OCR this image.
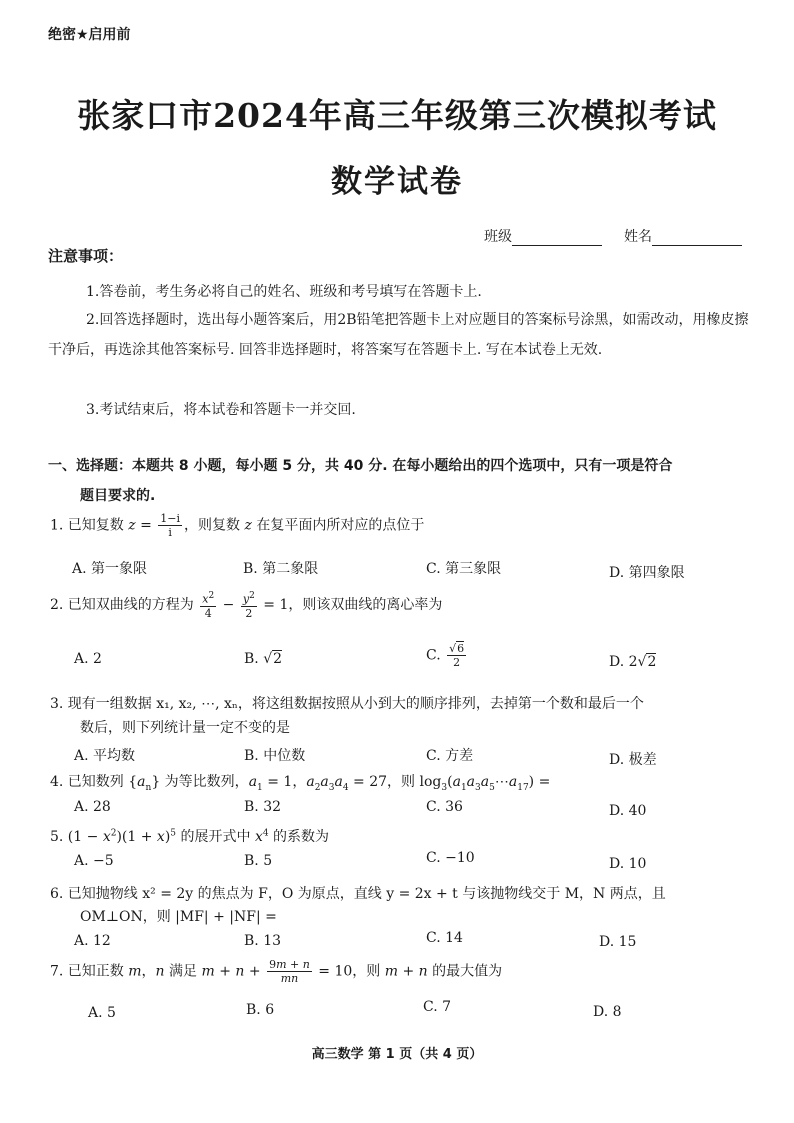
绝密★启用前
张家口市2024年高三年级第三次模拟考试
数学试卷
班级	姓名
注意事项：
1.答卷前，考生务必将自己的姓名、班级和考号填写在答题卡上.
2.回答选择题时，选出每小题答案后，用2B铅笔把答题卡上对应题目的答案标号涂黑，如需改动，用橡皮擦干净后，再选涂其他答案标号. 回答非选择题时，将答案写在答题卡上. 写在本试卷上无效.
3.考试结束后，将本试卷和答题卡一并交回.
一、选择题：本题共 8 小题，每小题 5 分，共 40 分. 在每小题给出的四个选项中，只有一项是符合
题目要求的.
1. 已知复数 $z = \frac{1-i}{i}$ ，则复数 z 在复平面内所对应的点位于
A. 第一象限	B. 第二象限	C. 第三象限	D. 第四象限
2. 已知双曲线的方程为 $\frac{x^2}{4} - \frac{y^2}{2} = 1$，则该双曲线的离心率为
A. 2	B. √2	C. $\frac{√6}{2}$	D. 2√2
3. 现有一组数据 x₁, x₂, ⋯, xₙ，将这组数据按照从小到大的顺序排列，去掉第一个数和最后一个
数后，则下列统计量一定不变的是
A. 平均数	B. 中位数	C. 方差	D. 极差
4. 已知数列 $\{a_n\}$ 为等比数列，$a_1 = 1$，$a_2a_3a_4 = 27$，则 $\log_3(a_1a_3a_5\cdots a_{17})$ =
A. 28	B. 32	C. 36	D. 40
5. $(1 - x^2)(1 + x)^5$ 的展开式中 $x^4$ 的系数为
A. −5	B. 5	C. −10	D. 10
6. 已知抛物线 x² = 2y 的焦点为 F，O 为原点，直线 y = 2x + t 与该抛物线交于 M，N 两点，且
OM⊥ON，则 |MF| + |NF| =
A. 12	B. 13	C. 14	D. 15
7. 已知正数 m，n 满足 $m + n + \frac{9m + n}{mn} = 10$，则 m + n 的最大值为
A. 5	B. 6	C. 7	D. 8
高三数学 第 1 页（共 4 页）
